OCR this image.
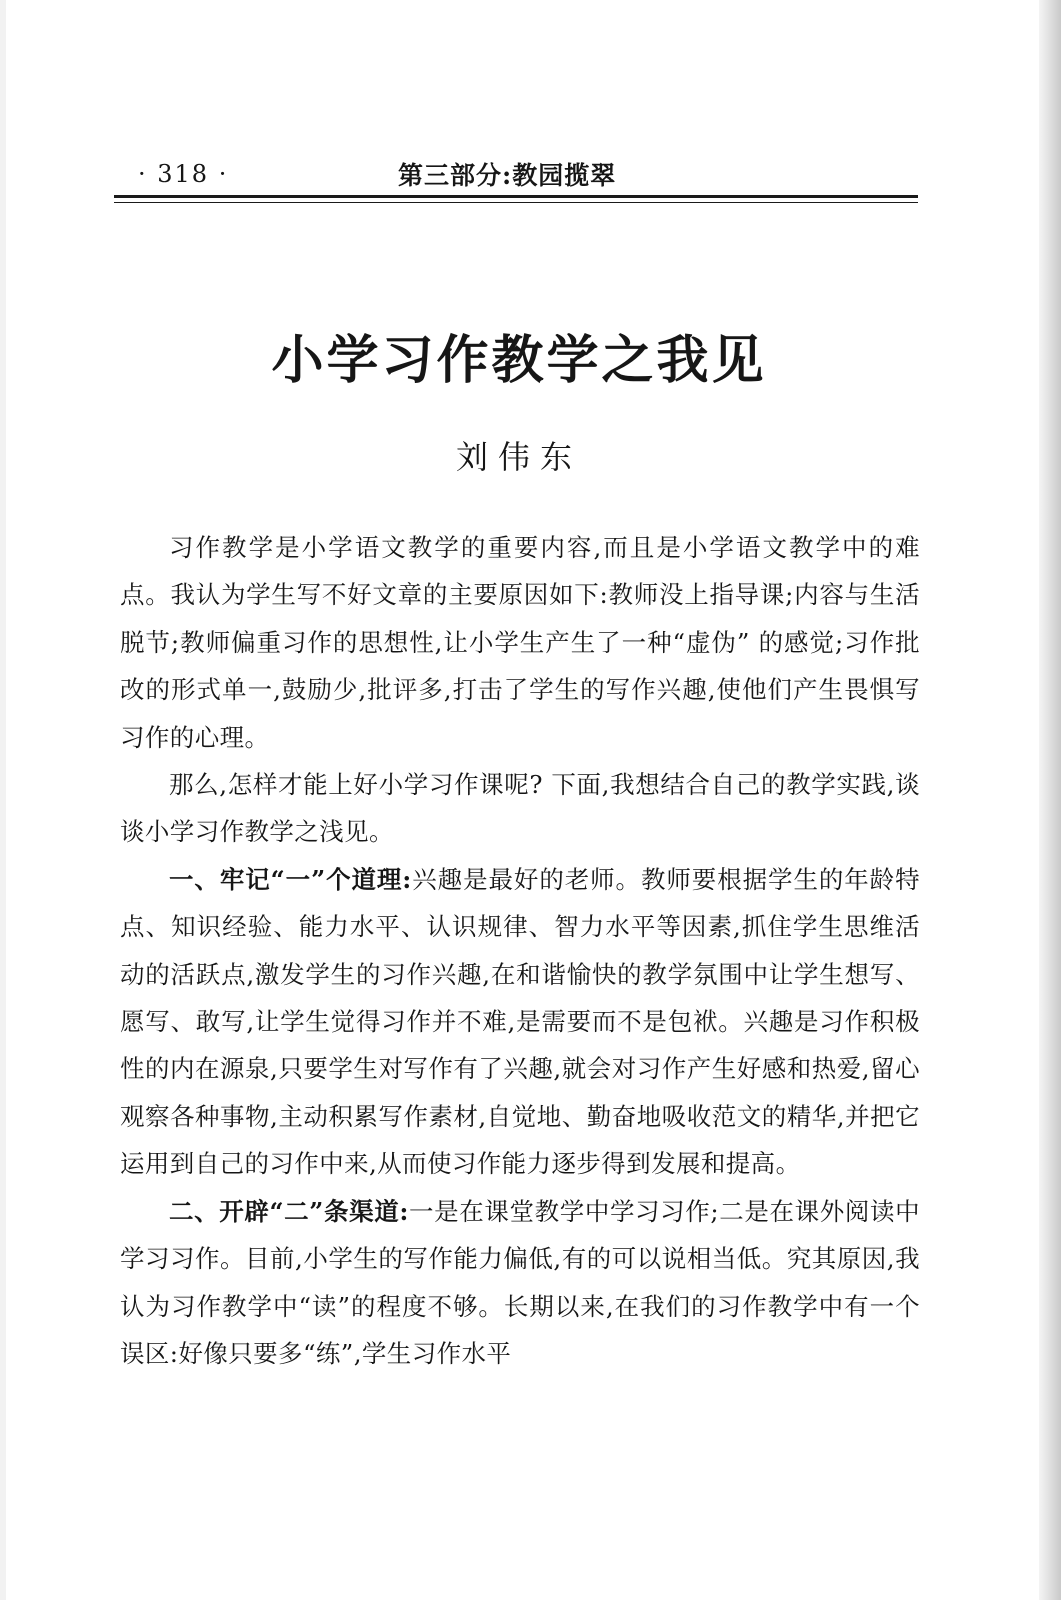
· 318 ·	第三部分:教园揽翠
小学习作教学之我见
刘伟东

习作教学是小学语文教学的重要内容,而且是小学语文教学中的难点。我认为学生写不好文章的主要原因如下:教师没上指导课;内容与生活脱节;教师偏重习作的思想性,让小学生产生了一种“虚伪” 的感觉;习作批改的形式单一,鼓励少,批评多,打击了学生的写作兴趣,使他们产生畏惧写习作的心理。

那么,怎样才能上好小学习作课呢? 下面,我想结合自己的教学实践,谈谈小学习作教学之浅见。

一、牢记“一”个道理:兴趣是最好的老师。教师要根据学生的年龄特点、知识经验、能力水平、认识规律、智力水平等因素,抓住学生思维活动的活跃点,激发学生的习作兴趣,在和谐愉快的教学氛围中让学生想写、愿写、敢写,让学生觉得习作并不难,是需要而不是包袱。兴趣是习作积极性的内在源泉,只要学生对写作有了兴趣,就会对习作产生好感和热爱,留心观察各种事物,主动积累写作素材,自觉地、勤奋地吸收范文的精华,并把它运用到自己的习作中来,从而使习作能力逐步得到发展和提高。

二、开辟“二”条渠道:一是在课堂教学中学习习作;二是在课外阅读中学习习作。目前,小学生的写作能力偏低,有的可以说相当低。究其原因,我认为习作教学中“读”的程度不够。长期以来,在我们的习作教学中有一个误区:好像只要多“练”,学生习作水平
